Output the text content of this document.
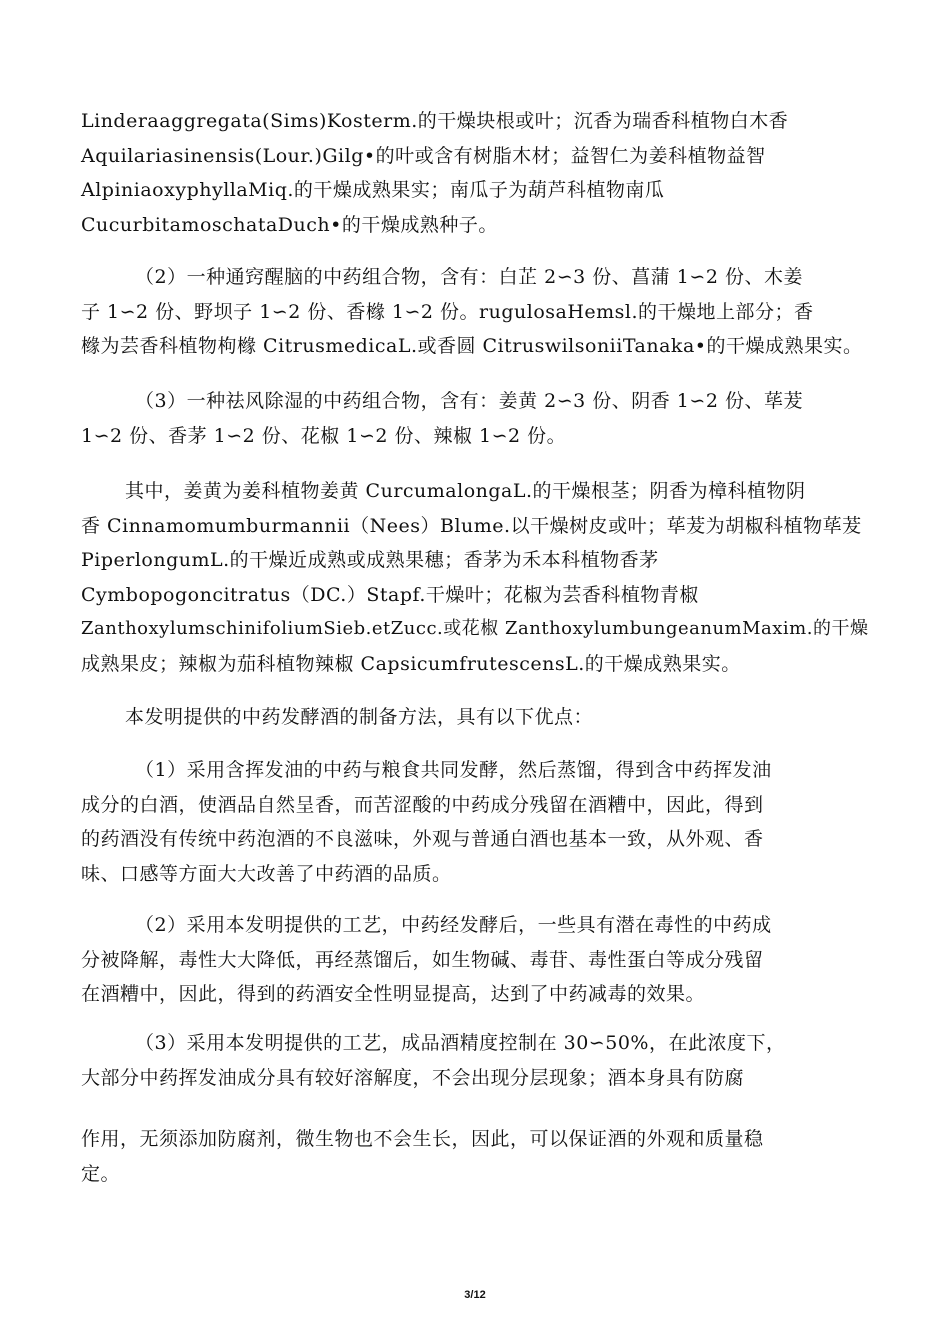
Linderaaggregata(Sims)Kosterm.的干燥块根或叶；沉香为瑞香科植物白木香
Aquilariasinensis(Lour.)Gilg•的叶或含有树脂木材；益智仁为姜科植物益智
AlpiniaoxyphyllaMiq.的干燥成熟果实；南瓜子为葫芦科植物南瓜
CucurbitamoschataDuch•的干燥成熟种子。
（2）一种通窍醒脑的中药组合物，含有：白芷 2∽3 份、菖蒲 1∽2 份、木姜
子 1∽2 份、野坝子 1∽2 份、香橼 1∽2 份。rugulosaHemsl.的干燥地上部分；香
橼为芸香科植物枸橼 CitrusmedicaL.或香圆 CitruswilsoniiTanaka•的干燥成熟果实。
（3）一种祛风除湿的中药组合物，含有：姜黄 2∽3 份、阴香 1∽2 份、荜茇
1∽2 份、香茅 1∽2 份、花椒 1∽2 份、辣椒 1∽2 份。
其中，姜黄为姜科植物姜黄 CurcumalongaL.的干燥根茎；阴香为樟科植物阴
香 Cinnamomumburmannii（Nees）Blume.以干燥树皮或叶；荜茇为胡椒科植物荜茇
PiperlongumL.的干燥近成熟或成熟果穗；香茅为禾本科植物香茅
Cymbopogoncitratus（DC.）Stapf.干燥叶；花椒为芸香科植物青椒
ZanthoxylumschinifoliumSieb.etZucc.或花椒 ZanthoxylumbungeanumMaxim.的干燥
成熟果皮；辣椒为茄科植物辣椒 CapsicumfrutescensL.的干燥成熟果实。
本发明提供的中药发酵酒的制备方法，具有以下优点：
（1）采用含挥发油的中药与粮食共同发酵，然后蒸馏，得到含中药挥发油
成分的白酒，使酒品自然呈香，而苦涩酸的中药成分残留在酒糟中，因此，得到
的药酒没有传统中药泡酒的不良滋味，外观与普通白酒也基本一致，从外观、香
味、口感等方面大大改善了中药酒的品质。
（2）采用本发明提供的工艺，中药经发酵后，一些具有潜在毒性的中药成
分被降解，毒性大大降低，再经蒸馏后，如生物碱、毒苷、毒性蛋白等成分残留
在酒糟中，因此，得到的药酒安全性明显提高，达到了中药减毒的效果。
（3）采用本发明提供的工艺，成品酒精度控制在 30∽50%，在此浓度下，
大部分中药挥发油成分具有较好溶解度，不会出现分层现象；酒本身具有防腐
作用，无须添加防腐剂，微生物也不会生长，因此，可以保证酒的外观和质量稳
定。
3/12
